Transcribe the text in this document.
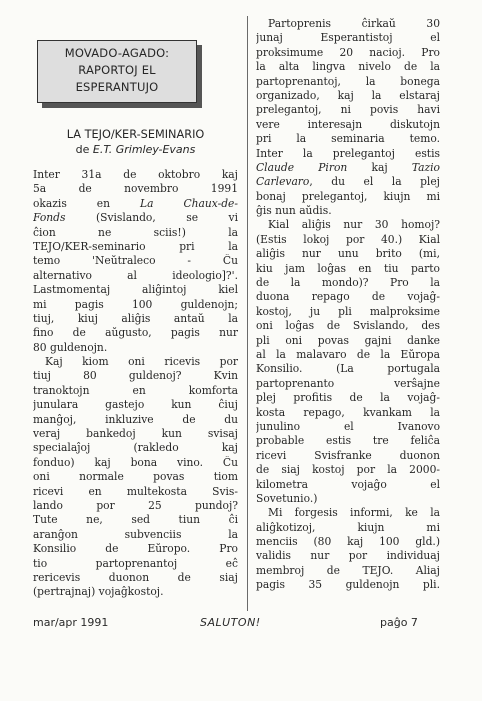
MOVADO-AGADO:
RAPORTOJ EL
ESPERANTUJO
LA TEJO/KER-SEMINARIO
de E.T. Grimley-Evans
Inter 31a de oktobro kaj
5a de novembro 1991
okazis en La Chaux-de-
Fonds (Svislando, se vi
ĉion ne sciis!) la
TEJO/KER-seminario pri la
temo 'Neŭtraleco - Ĉu
alternativo al ideologio]?'.
Lastmomentaj aliĝintoj kiel
mi pagis 100 guldenojn;
tiuj, kiuj aliĝis antaŭ la
fino de aŭgusto, pagis nur
80 guldenojn.
Kaj kiom oni ricevis por
tiuj 80 guldenoj? Kvin
tranoktojn en komforta
junulara gastejo kun ĉiuj
manĝoj, inkluzive de du
veraj bankedoj kun svisaj
specialaĵoj (rakledo kaj
fonduo) kaj bona vino. Ĉu
oni normale povas tiom
ricevi en multekosta Svis-
lando por 25 pundoj?
Tute ne, sed tiun ĉi
aranĝon subvenciis la
Konsilio de Eŭropo. Pro
tio partoprenantoj eĉ
rericevis duonon de siaj
(pertrajnaj) vojaĝkostoj.
Partoprenis ĉirkaŭ 30
junaj Esperantistoj el
proksimume 20 nacioj. Pro
la alta lingva nivelo de la
partoprenantoj, la bonega
organizado, kaj la elstaraj
prelegantoj, ni povis havi
vere interesajn diskutojn
pri la seminaria temo.
Inter la prelegantoj estis
Claude Piron kaj Tazio
Carlevaro, du el la plej
bonaj prelegantoj, kiujn mi
ĝis nun aŭdis.
Kial aliĝis nur 30 homoj?
(Estis lokoj por 40.) Kial
aliĝis nur unu brito (mi,
kiu jam loĝas en tiu parto
de la mondo)? Pro la
duona repago de vojaĝ-
kostoj, ju pli malproksime
oni loĝas de Svislando, des
pli oni povas gajni danke
al la malavaro de la Eŭropa
Konsilio. (La portugala
partoprenanto verŝajne
plej profitis de la vojaĝ-
kosta repago, kvankam la
junulino el Ivanovo
probable estis tre feliĉa
ricevi Svisfranke duonon
de siaj kostoj por la 2000-
kilometra vojaĝo el
Sovetunio.)
Mi forgesis informi, ke la
aliĝkotizoj, kiujn mi
menciis (80 kaj 100 gld.)
validis nur por individuaj
membroj de TEJO. Aliaj
pagis 35 guldenojn pli.
mar/apr 1991	SALUTON!	paĝo 7
